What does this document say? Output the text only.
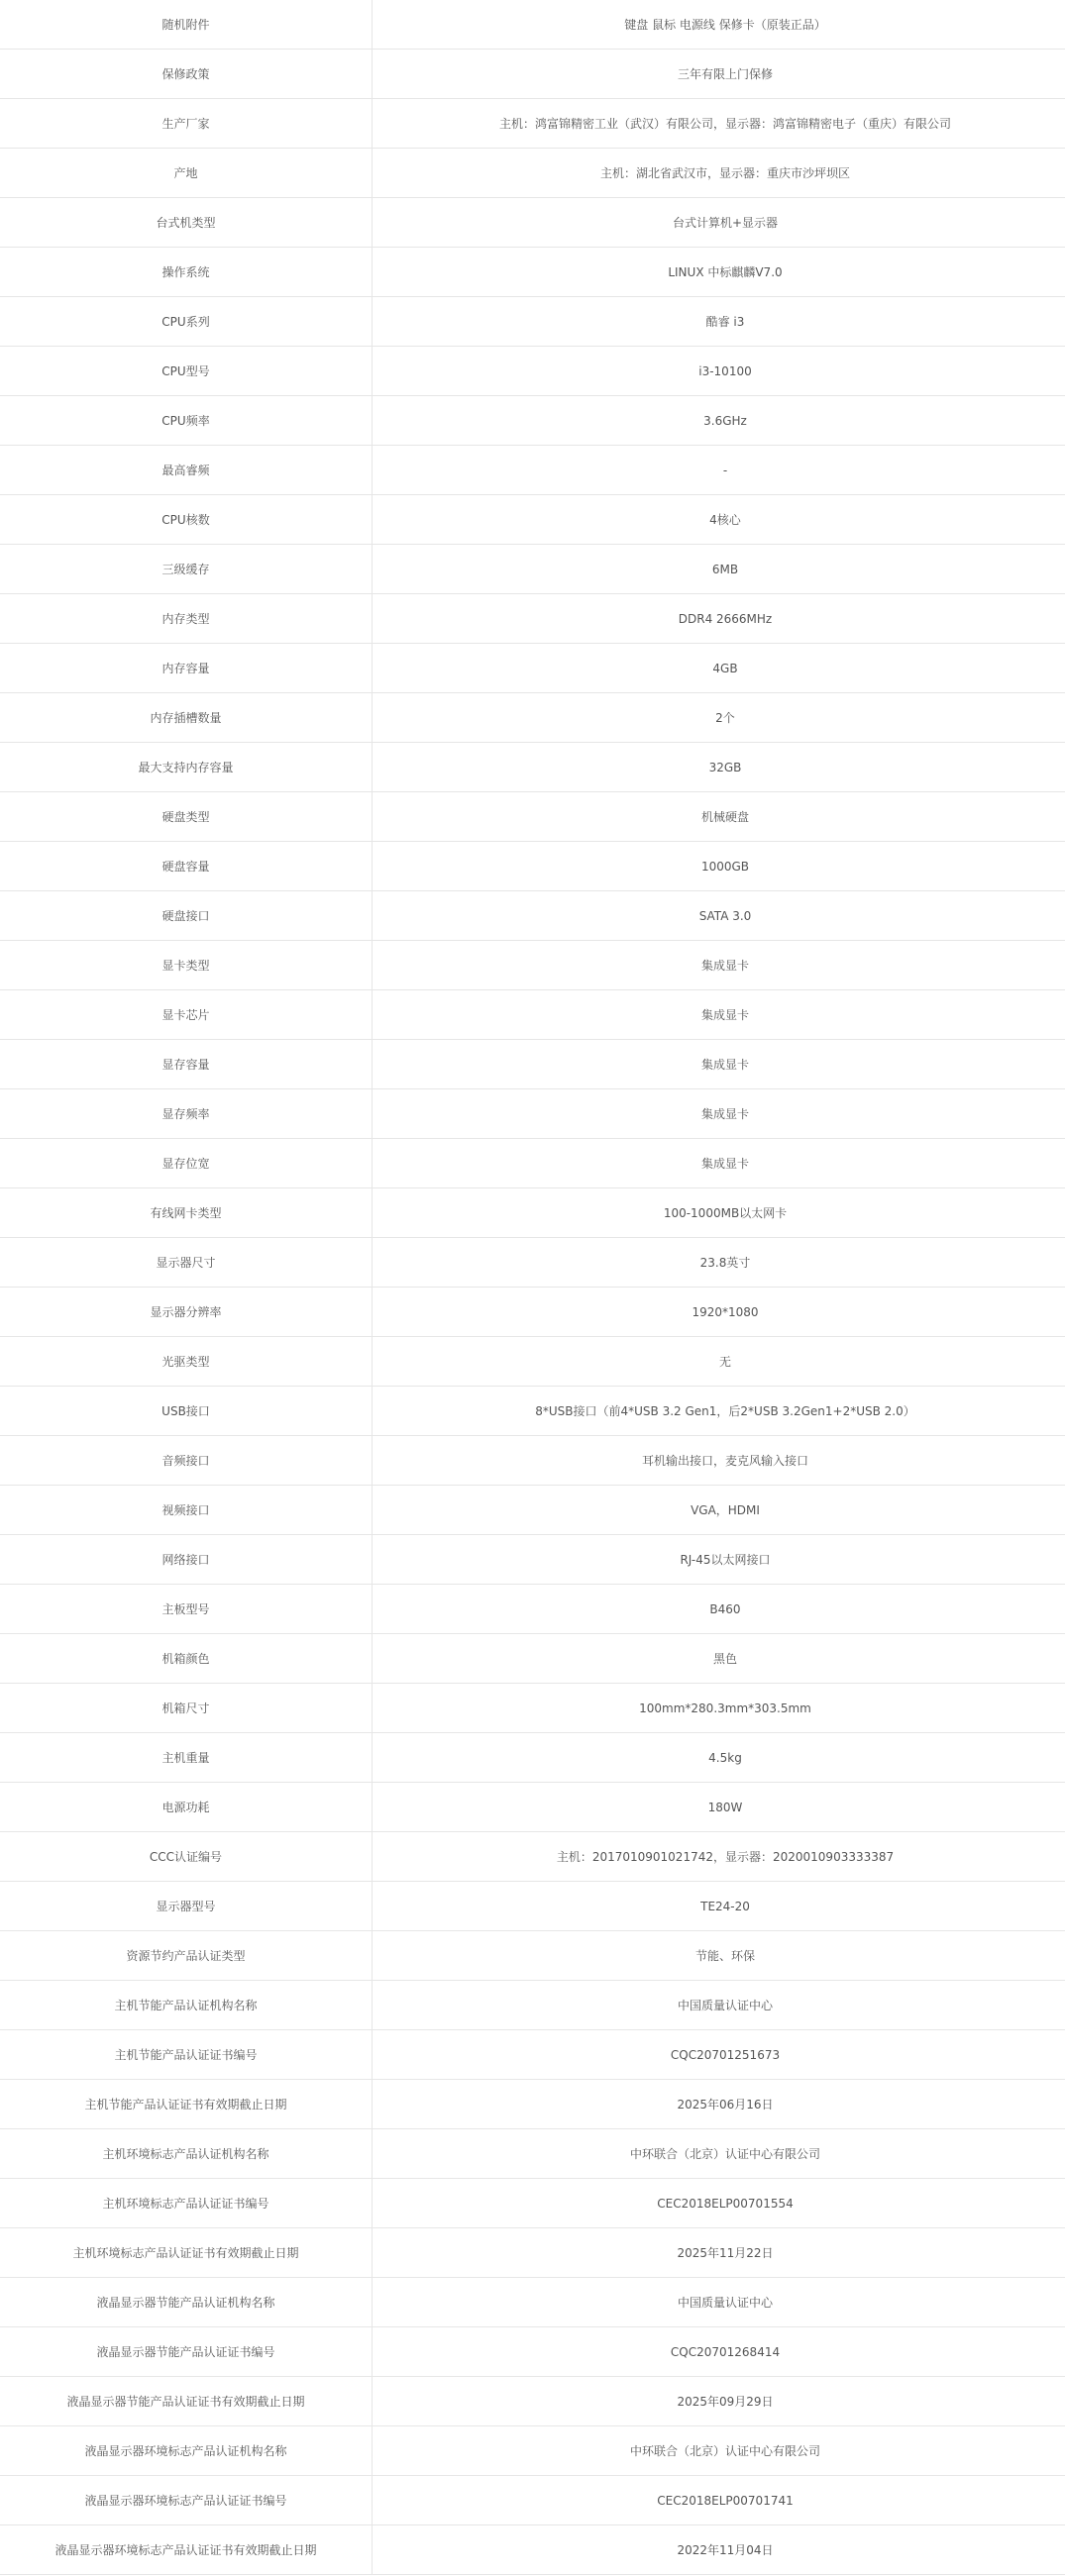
随机附件	键盘 鼠标 电源线 保修卡（原装正品）
保修政策	三年有限上门保修
生产厂家	主机：鸿富锦精密工业（武汉）有限公司，显示器：鸿富锦精密电子（重庆）有限公司
产地	主机：湖北省武汉市，显示器：重庆市沙坪坝区
台式机类型	台式计算机+显示器
操作系统	LINUX 中标麒麟V7.0
CPU系列	酷睿 i3
CPU型号	i3-10100
CPU频率	3.6GHz
最高睿频	-
CPU核数	4核心
三级缓存	6MB
内存类型	DDR4 2666MHz
内存容量	4GB
内存插槽数量	2个
最大支持内存容量	32GB
硬盘类型	机械硬盘
硬盘容量	1000GB
硬盘接口	SATA 3.0
显卡类型	集成显卡
显卡芯片	集成显卡
显存容量	集成显卡
显存频率	集成显卡
显存位宽	集成显卡
有线网卡类型	100-1000MB以太网卡
显示器尺寸	23.8英寸
显示器分辨率	1920*1080
光驱类型	无
USB接口	8*USB接口（前4*USB 3.2 Gen1，后2*USB 3.2Gen1+2*USB 2.0）
音频接口	耳机输出接口，麦克风输入接口
视频接口	VGA，HDMI
网络接口	RJ-45以太网接口
主板型号	B460
机箱颜色	黑色
机箱尺寸	100mm*280.3mm*303.5mm
主机重量	4.5kg
电源功耗	180W
CCC认证编号	主机：2017010901021742，显示器：2020010903333387
显示器型号	TE24-20
资源节约产品认证类型	节能、环保
主机节能产品认证机构名称	中国质量认证中心
主机节能产品认证证书编号	CQC20701251673
主机节能产品认证证书有效期截止日期	2025年06月16日
主机环境标志产品认证机构名称	中环联合（北京）认证中心有限公司
主机环境标志产品认证证书编号	CEC2018ELP00701554
主机环境标志产品认证证书有效期截止日期	2025年11月22日
液晶显示器节能产品认证机构名称	中国质量认证中心
液晶显示器节能产品认证证书编号	CQC20701268414
液晶显示器节能产品认证证书有效期截止日期	2025年09月29日
液晶显示器环境标志产品认证机构名称	中环联合（北京）认证中心有限公司
液晶显示器环境标志产品认证证书编号	CEC2018ELP00701741
液晶显示器环境标志产品认证证书有效期截止日期	2022年11月04日
